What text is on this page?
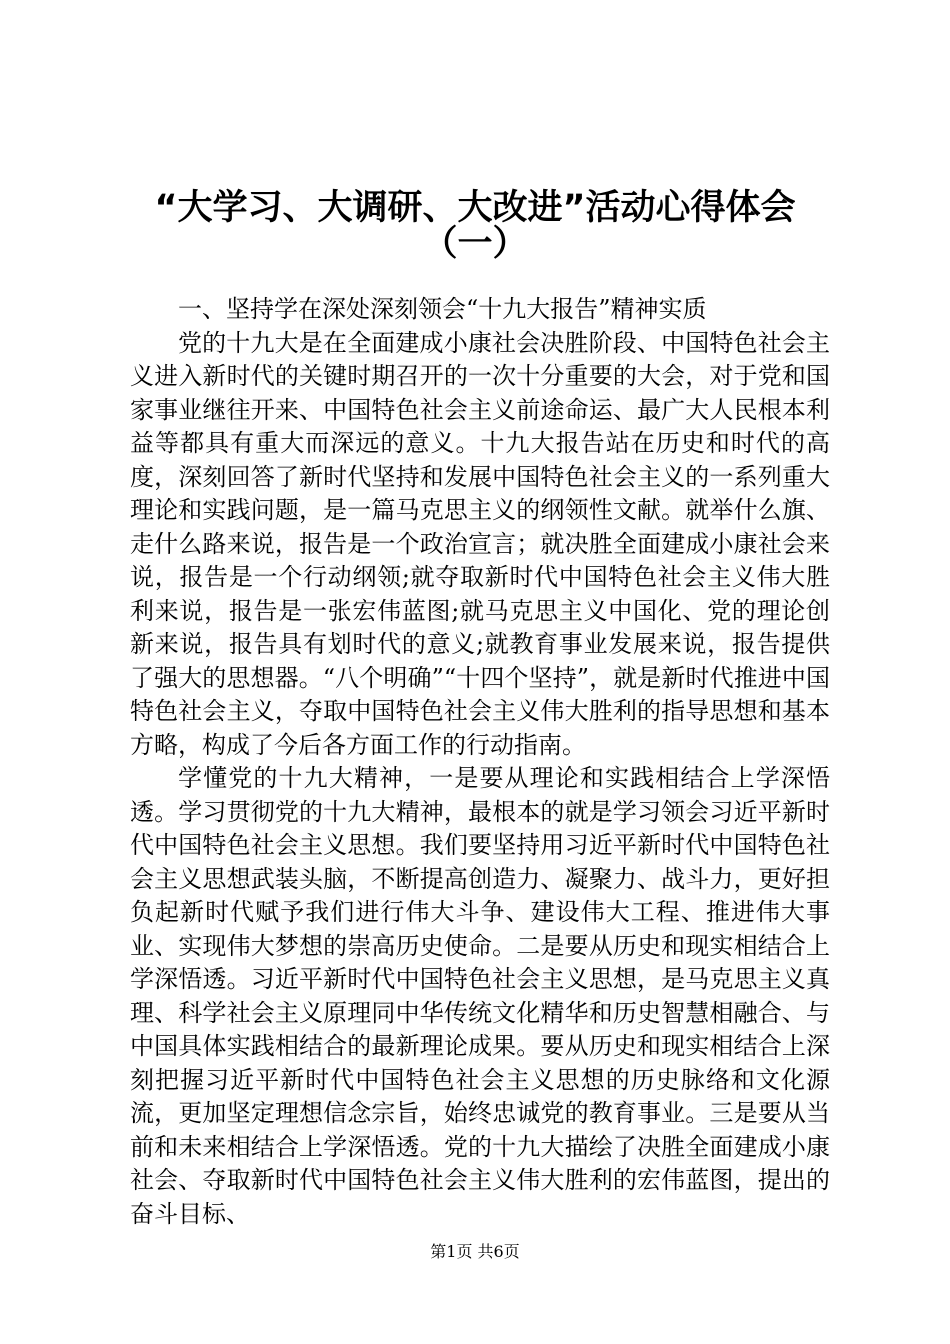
“大学习、大调研、大改进”活动心得体会
（一）

一、坚持学在深处深刻领会“十九大报告”精神实质

党的十九大是在全面建成小康社会决胜阶段、中国特色社会主义进入新时代的关键时期召开的一次十分重要的大会，对于党和国家事业继往开来、中国特色社会主义前途命运、最广大人民根本利益等都具有重大而深远的意义。十九大报告站在历史和时代的高度，深刻回答了新时代坚持和发展中国特色社会主义的一系列重大理论和实践问题，是一篇马克思主义的纲领性文献。就举什么旗、走什么路来说，报告是一个政治宣言；就决胜全面建成小康社会来说，报告是一个行动纲领;就夺取新时代中国特色社会主义伟大胜利来说，报告是一张宏伟蓝图;就马克思主义中国化、党的理论创新来说，报告具有划时代的意义;就教育事业发展来说，报告提供了强大的思想器。“八个明确”“十四个坚持”，就是新时代推进中国特色社会主义，夺取中国特色社会主义伟大胜利的指导思想和基本方略，构成了今后各方面工作的行动指南。

学懂党的十九大精神，一是要从理论和实践相结合上学深悟透。学习贯彻党的十九大精神，最根本的就是学习领会习近平新时代中国特色社会主义思想。我们要坚持用习近平新时代中国特色社会主义思想武装头脑，不断提高创造力、凝聚力、战斗力，更好担负起新时代赋予我们进行伟大斗争、建设伟大工程、推进伟大事业、实现伟大梦想的崇高历史使命。二是要从历史和现实相结合上学深悟透。习近平新时代中国特色社会主义思想，是马克思主义真理、科学社会主义原理同中华传统文化精华和历史智慧相融合、与中国具体实践相结合的最新理论成果。要从历史和现实相结合上深刻把握习近平新时代中国特色社会主义思想的历史脉络和文化源流，更加坚定理想信念宗旨，始终忠诚党的教育事业。三是要从当前和未来相结合上学深悟透。党的十九大描绘了决胜全面建成小康社会、夺取新时代中国特色社会主义伟大胜利的宏伟蓝图，提出的奋斗目标、

第1页 共6页
